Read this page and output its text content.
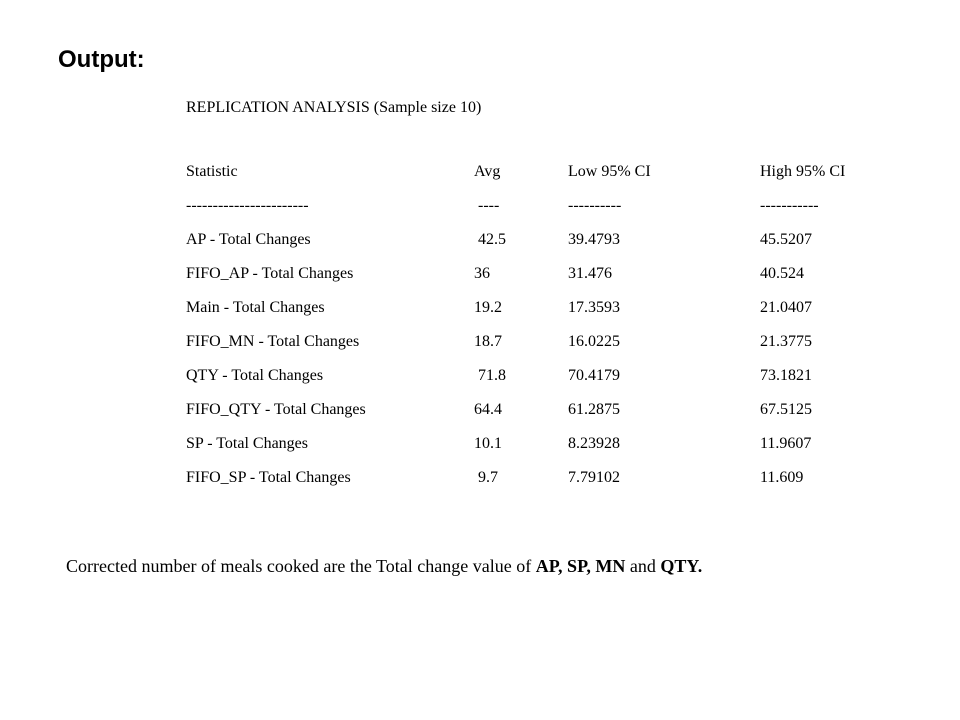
Output:
REPLICATION ANALYSIS (Sample size 10)
Statistic	Avg	Low 95% CI	High 95% CI
-----------------------	----	----------	-----------
AP - Total Changes	42.5	39.4793	45.5207
FIFO_AP - Total Changes	36	31.476	40.524
Main - Total Changes	19.2	17.3593	21.0407
FIFO_MN - Total Changes	18.7	16.0225	21.3775
QTY - Total Changes	71.8	70.4179	73.1821
FIFO_QTY - Total Changes	64.4	61.2875	67.5125
SP - Total Changes	10.1	8.23928	11.9607
FIFO_SP - Total Changes	9.7	7.79102	11.609
Corrected number of meals cooked are the Total change value of AP, SP, MN and QTY.
